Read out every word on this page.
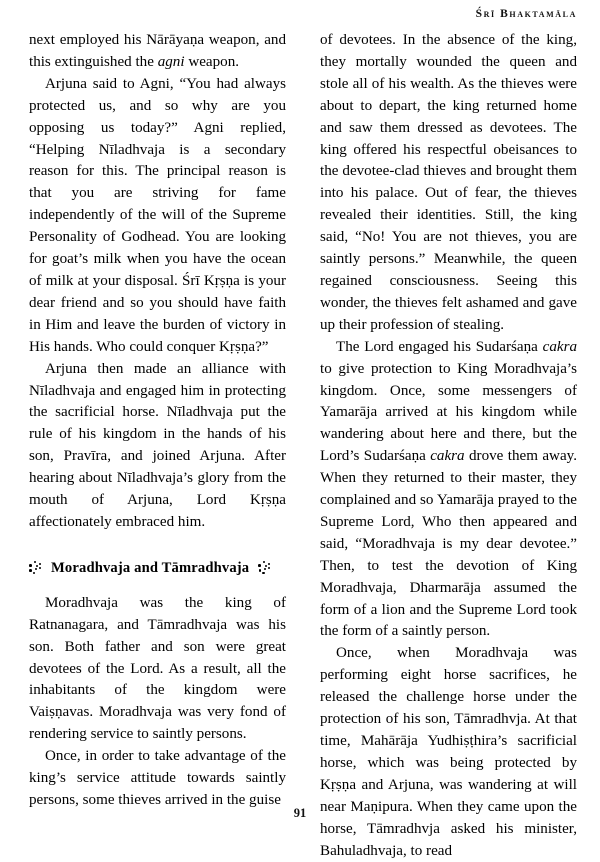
Śrī Bhaktamāla

next employed his Nārāyaṇa weapon, and this extinguished the agni weapon.

Arjuna said to Agni, “You had always protected us, and so why are you opposing us today?” Agni replied, “Helping Nīladhvaja is a secondary reason for this. The principal reason is that you are striving for fame independently of the will of the Supreme Personality of Godhead. You are looking for goat’s milk when you have the ocean of milk at your disposal. Śrī Kṛṣṇa is your dear friend and so you should have faith in Him and leave the burden of victory in His hands. Who could conquer Kṛṣṇa?”

Arjuna then made an alliance with Nīladhvaja and engaged him in protecting the sacrificial horse. Nīladhvaja put the rule of his kingdom in the hands of his son, Pravīra, and joined Arjuna. After hearing about Nīladhvaja’s glory from the mouth of Arjuna, Lord Kṛṣṇa affectionately embraced him.

Moradhvaja and Tāmradhvaja

Moradhvaja was the king of Ratnanagara, and Tāmradhvaja was his son. Both father and son were great devotees of the Lord. As a result, all the inhabitants of the kingdom were Vaiṣṇavas. Moradhvaja was very fond of rendering service to saintly persons.

Once, in order to take advantage of the king’s service attitude towards saintly persons, some thieves arrived in the guise

of devotees. In the absence of the king, they mortally wounded the queen and stole all of his wealth. As the thieves were about to depart, the king returned home and saw them dressed as devotees. The king offered his respectful obeisances to the devotee-clad thieves and brought them into his palace. Out of fear, the thieves revealed their identities. Still, the king said, “No! You are not thieves, you are saintly persons.” Meanwhile, the queen regained consciousness. Seeing this wonder, the thieves felt ashamed and gave up their profession of stealing.

The Lord engaged his Sudarśaṇa cakra to give protection to King Moradhvaja’s kingdom. Once, some messengers of Yamarāja arrived at his kingdom while wandering about here and there, but the Lord’s Sudarśaṇa cakra drove them away. When they returned to their master, they complained and so Yamarāja prayed to the Supreme Lord, Who then appeared and said, “Moradhvaja is my dear devotee.” Then, to test the devotion of King Moradhvaja, Dharmarāja assumed the form of a lion and the Supreme Lord took the form of a saintly person.

Once, when Moradhvaja was performing eight horse sacrifices, he released the challenge horse under the protection of his son, Tāmradhvja. At that time, Mahārāja Yudhiṣṭhira’s sacrificial horse, which was being protected by Kṛṣṇa and Arjuna, was wandering at will near Maṇipura. When they came upon the horse, Tāmradhvja asked his minister, Bahuladhvaja, to read

91
